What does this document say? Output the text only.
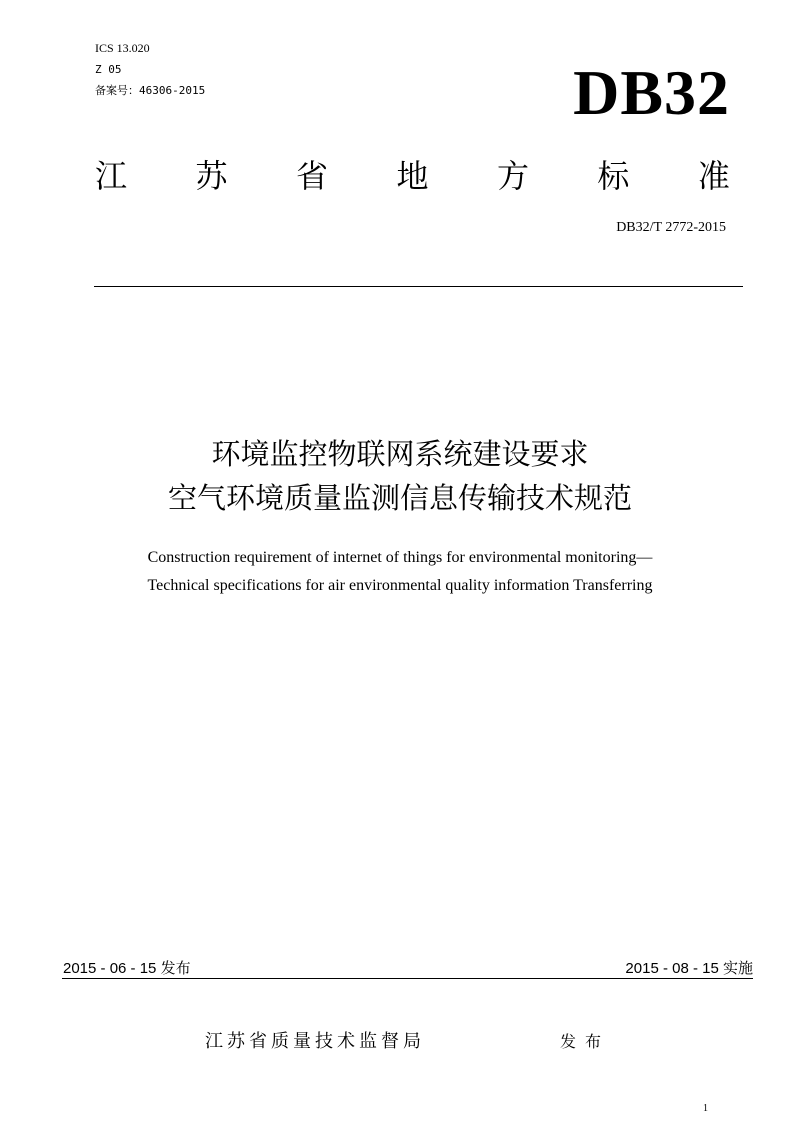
ICS 13.020
Z 05
备案号：46306-2015	DB32
江 苏 省 地 方 标 准
DB32/T 2772-2015
环境监控物联网系统建设要求
空气环境质量监测信息传输技术规范
Construction requirement of internet of things for environmental monitoring—
Technical specifications for air environmental quality information Transferring
2015 - 06 - 15 发布	2015 - 08 - 15 实施
江苏省质量技术监督局	发布
1
